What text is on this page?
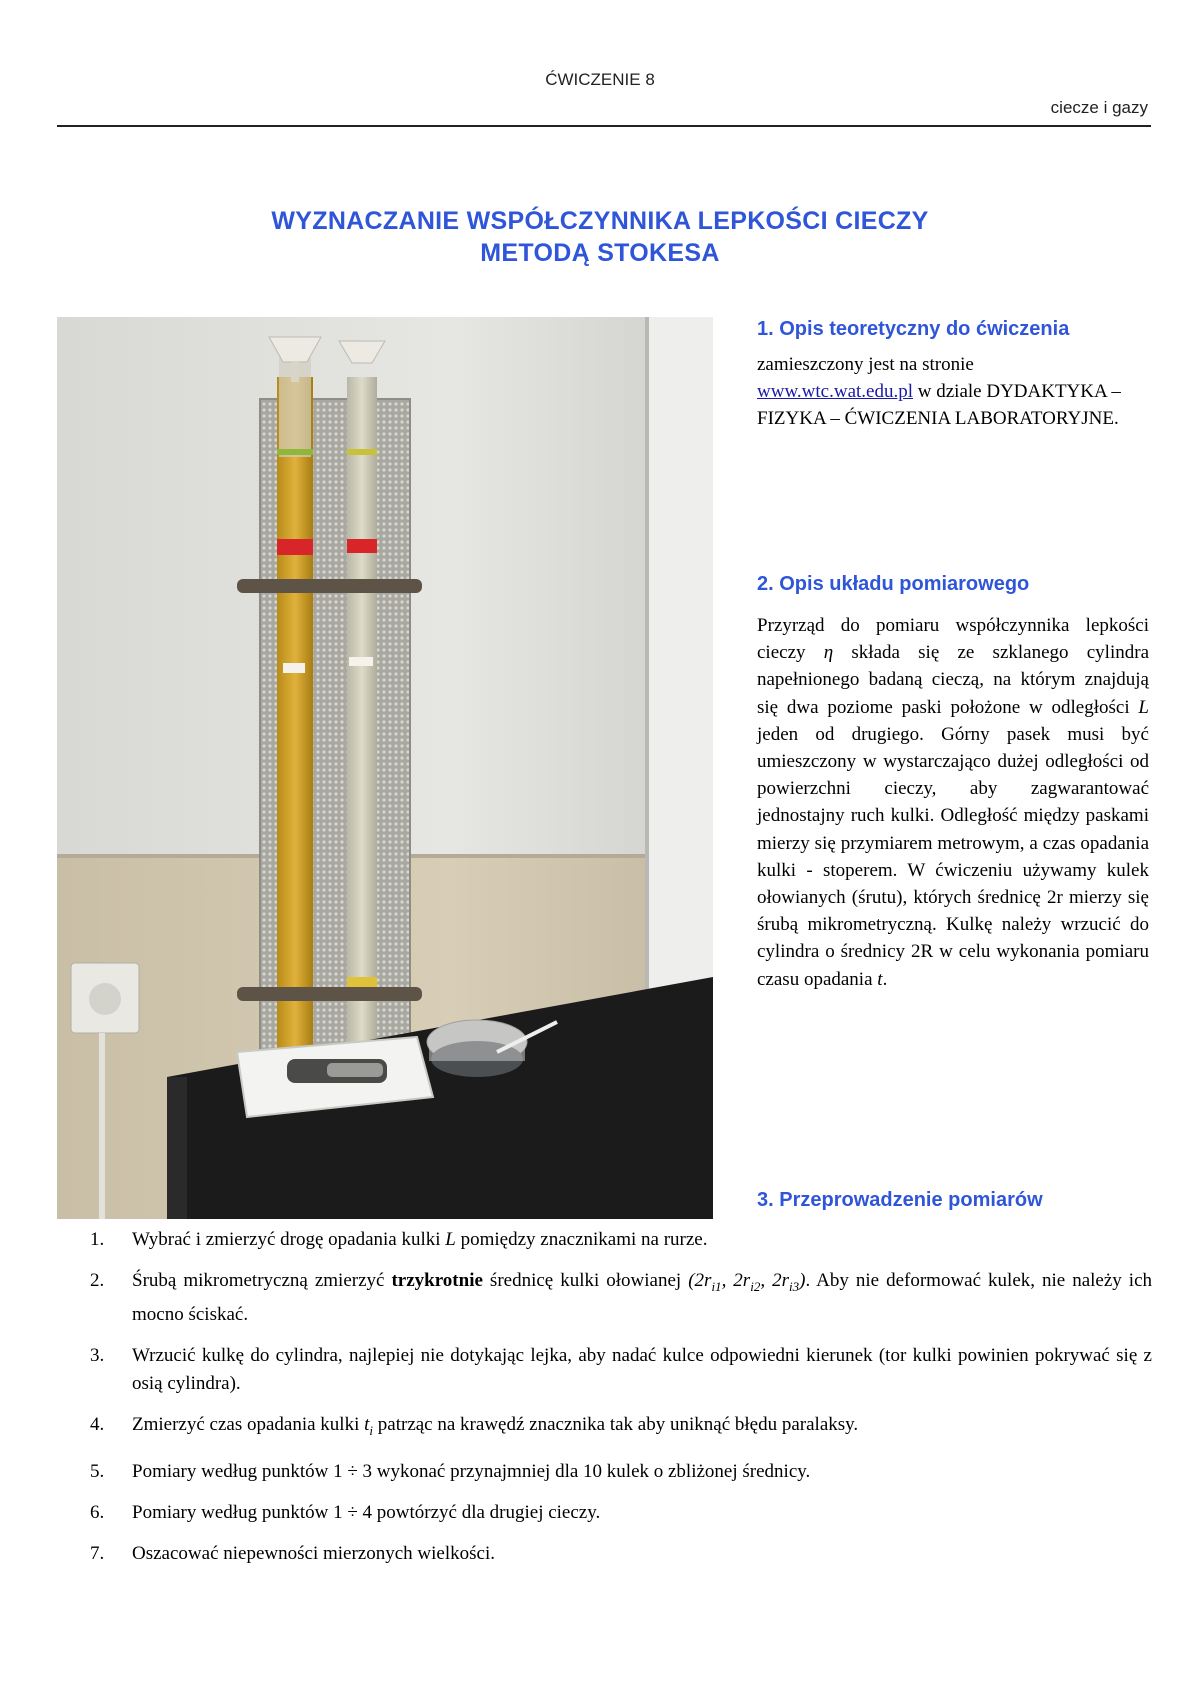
ĆWICZENIE 8
ciecze i gazy
WYZNACZANIE WSPÓŁCZYNNIKA LEPKOŚCI CIECZY
METODĄ STOKESA
1. Opis teoretyczny do ćwiczenia
zamieszczony jest na stronie
www.wtc.wat.edu.pl w dziale DYDAKTYKA – FIZYKA – ĆWICZENIA LABORATORYJNE.
2. Opis układu pomiarowego
Przyrząd do pomiaru współczynnika lepkości cieczy η składa się ze szklanego cylindra napełnionego badaną cieczą, na którym znajdują się dwa poziome paski położone w odległości L jeden od drugiego. Górny pasek musi być umieszczony w wystarczająco dużej odległości od powierzchni cieczy, aby zagwarantować jednostajny ruch kulki. Odległość między paskami mierzy się przymiarem metrowym, a czas opadania kulki - stoperem. W ćwiczeniu używamy kulek ołowianych (śrutu), których średnicę 2r mierzy się śrubą mikrometryczną. Kulkę należy wrzucić do cylindra o średnicy 2R w celu wykonania pomiaru czasu opadania t.
3. Przeprowadzenie pomiarów
1. Wybrać i zmierzyć drogę opadania kulki L pomiędzy znacznikami na rurze.
2. Śrubą mikrometryczną zmierzyć trzykrotnie średnicę kulki ołowianej ($2r_{i1}$, $2r_{i2}$, $2r_{i3}$). Aby nie deformować kulek, nie należy ich mocno ściskać.
3. Wrzucić kulkę do cylindra, najlepiej nie dotykając lejka, aby nadać kulce odpowiedni kierunek (tor kulki powinien pokrywać się z osią cylindra).
4. Zmierzyć czas opadania kulki $t_i$ patrząc na krawędź znacznika tak aby uniknąć błędu paralaksy.
5. Pomiary według punktów 1 ÷ 3 wykonać przynajmniej dla 10 kulek o zbliżonej średnicy.
6. Pomiary według punktów 1 ÷ 4 powtórzyć dla drugiej cieczy.
7. Oszacować niepewności mierzonych wielkości.
